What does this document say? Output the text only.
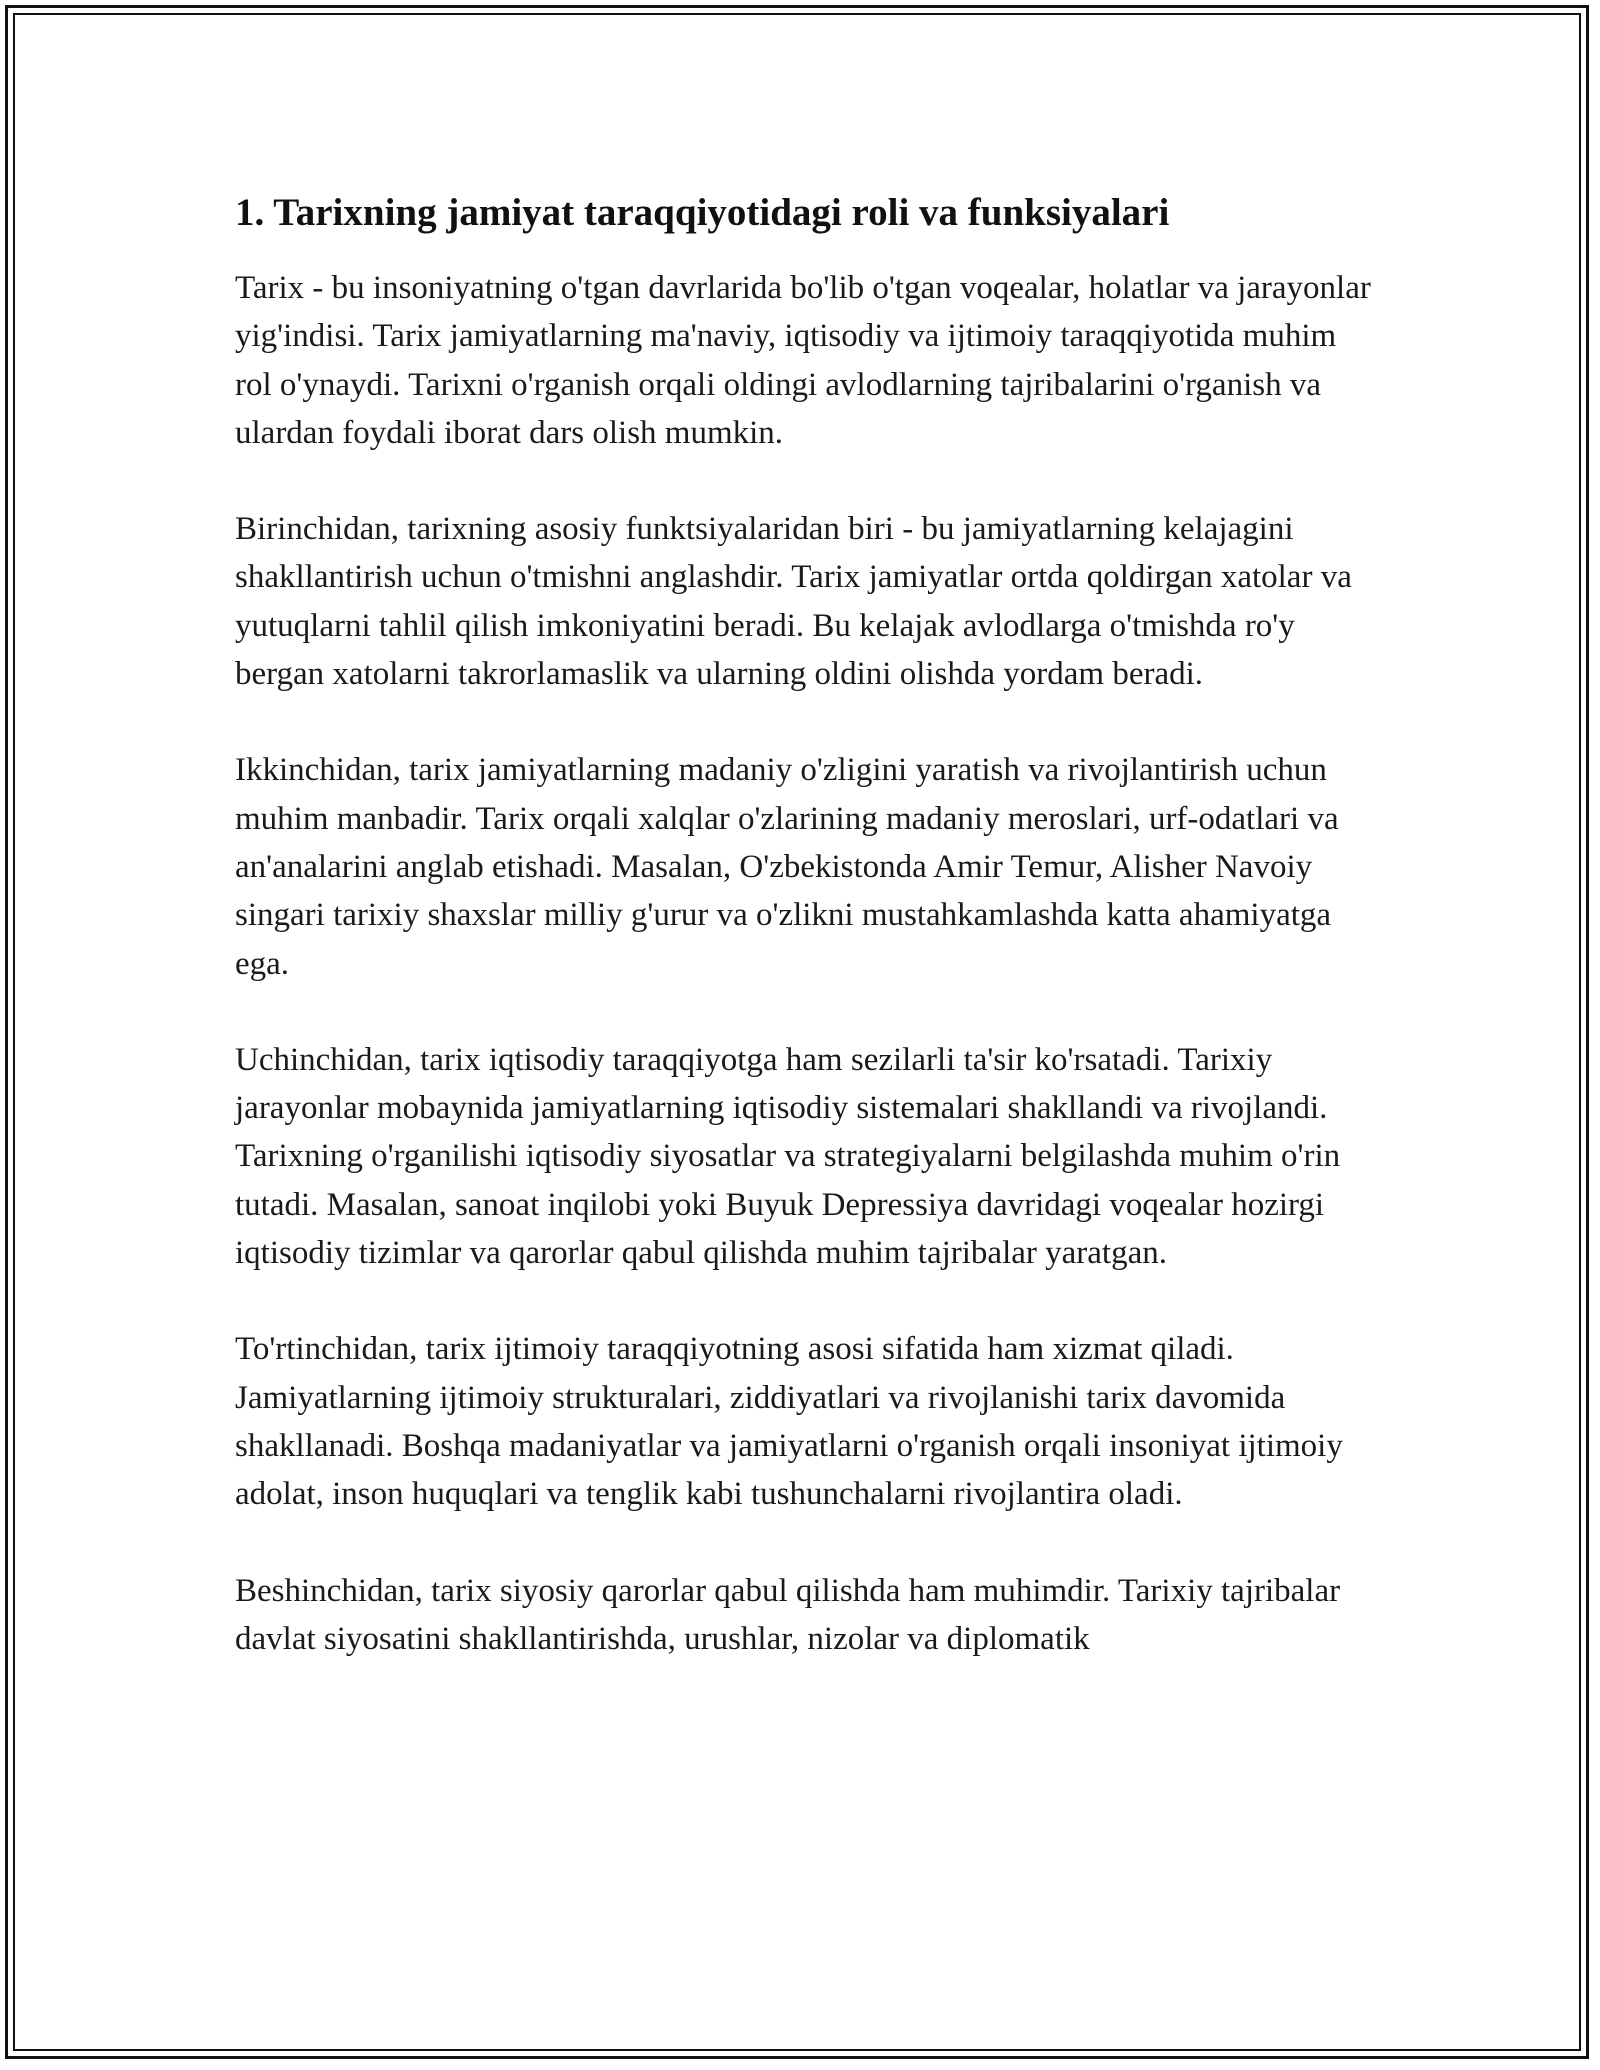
1. Tarixning jamiyat taraqqiyotidagi roli va funksiyalari

Tarix - bu insoniyatning o'tgan davrlarida bo'lib o'tgan voqealar, holatlar va jarayonlar yig'indisi. Tarix jamiyatlarning ma'naviy, iqtisodiy va ijtimoiy taraqqiyotida muhim rol o'ynaydi. Tarixni o'rganish orqali oldingi avlodlarning tajribalarini o'rganish va ulardan foydali iborat dars olish mumkin.

Birinchidan, tarixning asosiy funktsiyalaridan biri - bu jamiyatlarning kelajagini shakllantirish uchun o'tmishni anglashdir. Tarix jamiyatlar ortda qoldirgan xatolar va yutuqlarni tahlil qilish imkoniyatini beradi. Bu kelajak avlodlarga o'tmishda ro'y bergan xatolarni takrorlamaslik va ularning oldini olishda yordam beradi.

Ikkinchidan, tarix jamiyatlarning madaniy o'zligini yaratish va rivojlantirish uchun muhim manbadir. Tarix orqali xalqlar o'zlarining madaniy meroslari, urf-odatlari va an'analarini anglab etishadi. Masalan, O'zbekistonda Amir Temur, Alisher Navoiy singari tarixiy shaxslar milliy g'urur va o'zlikni mustahkamlashda katta ahamiyatga ega.

Uchinchidan, tarix iqtisodiy taraqqiyotga ham sezilarli ta'sir ko'rsatadi. Tarixiy jarayonlar mobaynida jamiyatlarning iqtisodiy sistemalari shakllandi va rivojlandi. Tarixning o'rganilishi iqtisodiy siyosatlar va strategiyalarni belgilashda muhim o'rin tutadi. Masalan, sanoat inqilobi yoki Buyuk Depressiya davridagi voqealar hozirgi iqtisodiy tizimlar va qarorlar qabul qilishda muhim tajribalar yaratgan.

To'rtinchidan, tarix ijtimoiy taraqqiyotning asosi sifatida ham xizmat qiladi. Jamiyatlarning ijtimoiy strukturalari, ziddiyatlari va rivojlanishi tarix davomida shakllanadi. Boshqa madaniyatlar va jamiyatlarni o'rganish orqali insoniyat ijtimoiy adolat, inson huquqlari va tenglik kabi tushunchalarni rivojlantira oladi.

Beshinchidan, tarix siyosiy qarorlar qabul qilishda ham muhimdir. Tarixiy tajribalar davlat siyosatini shakllantirishda, urushlar, nizolar va diplomatik
